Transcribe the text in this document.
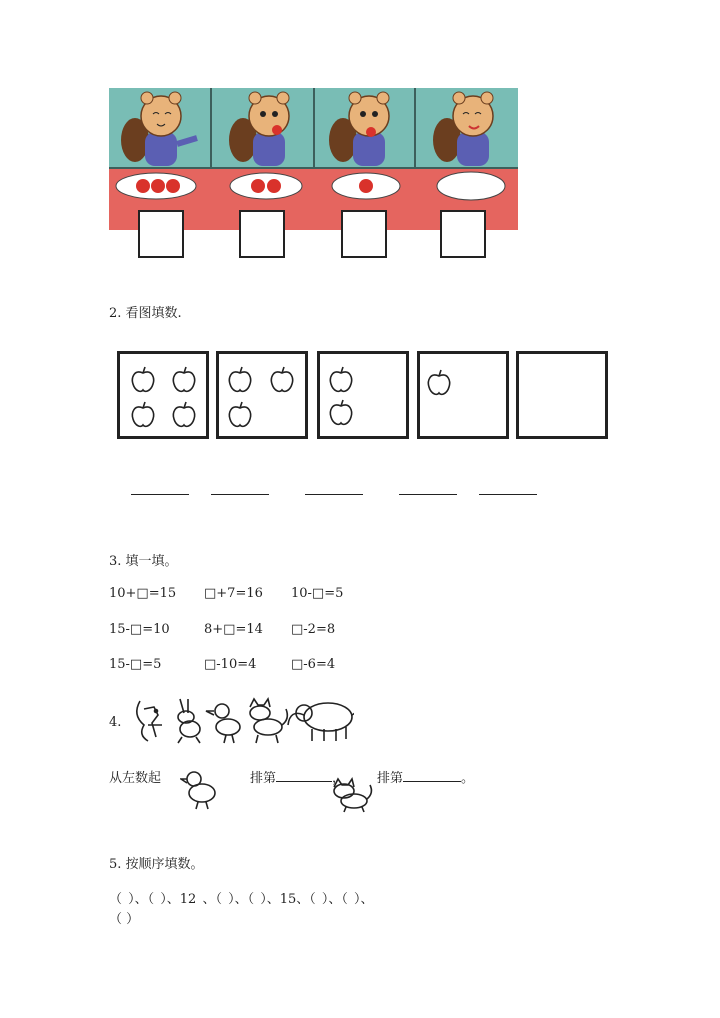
2. 看图填数.
3. 填一填。
10+□=15 □+7=16 10-□=5
15-□=10	8+□=14 □-2=8
15-□=5	□-10=4	□-6=4
4.
从左数起	排第	， 排第	。
5. 按顺序填数。
（ ）、（ ）、12 、（ ）、（ ）、15、（ ）、（ ）、
（ ）
